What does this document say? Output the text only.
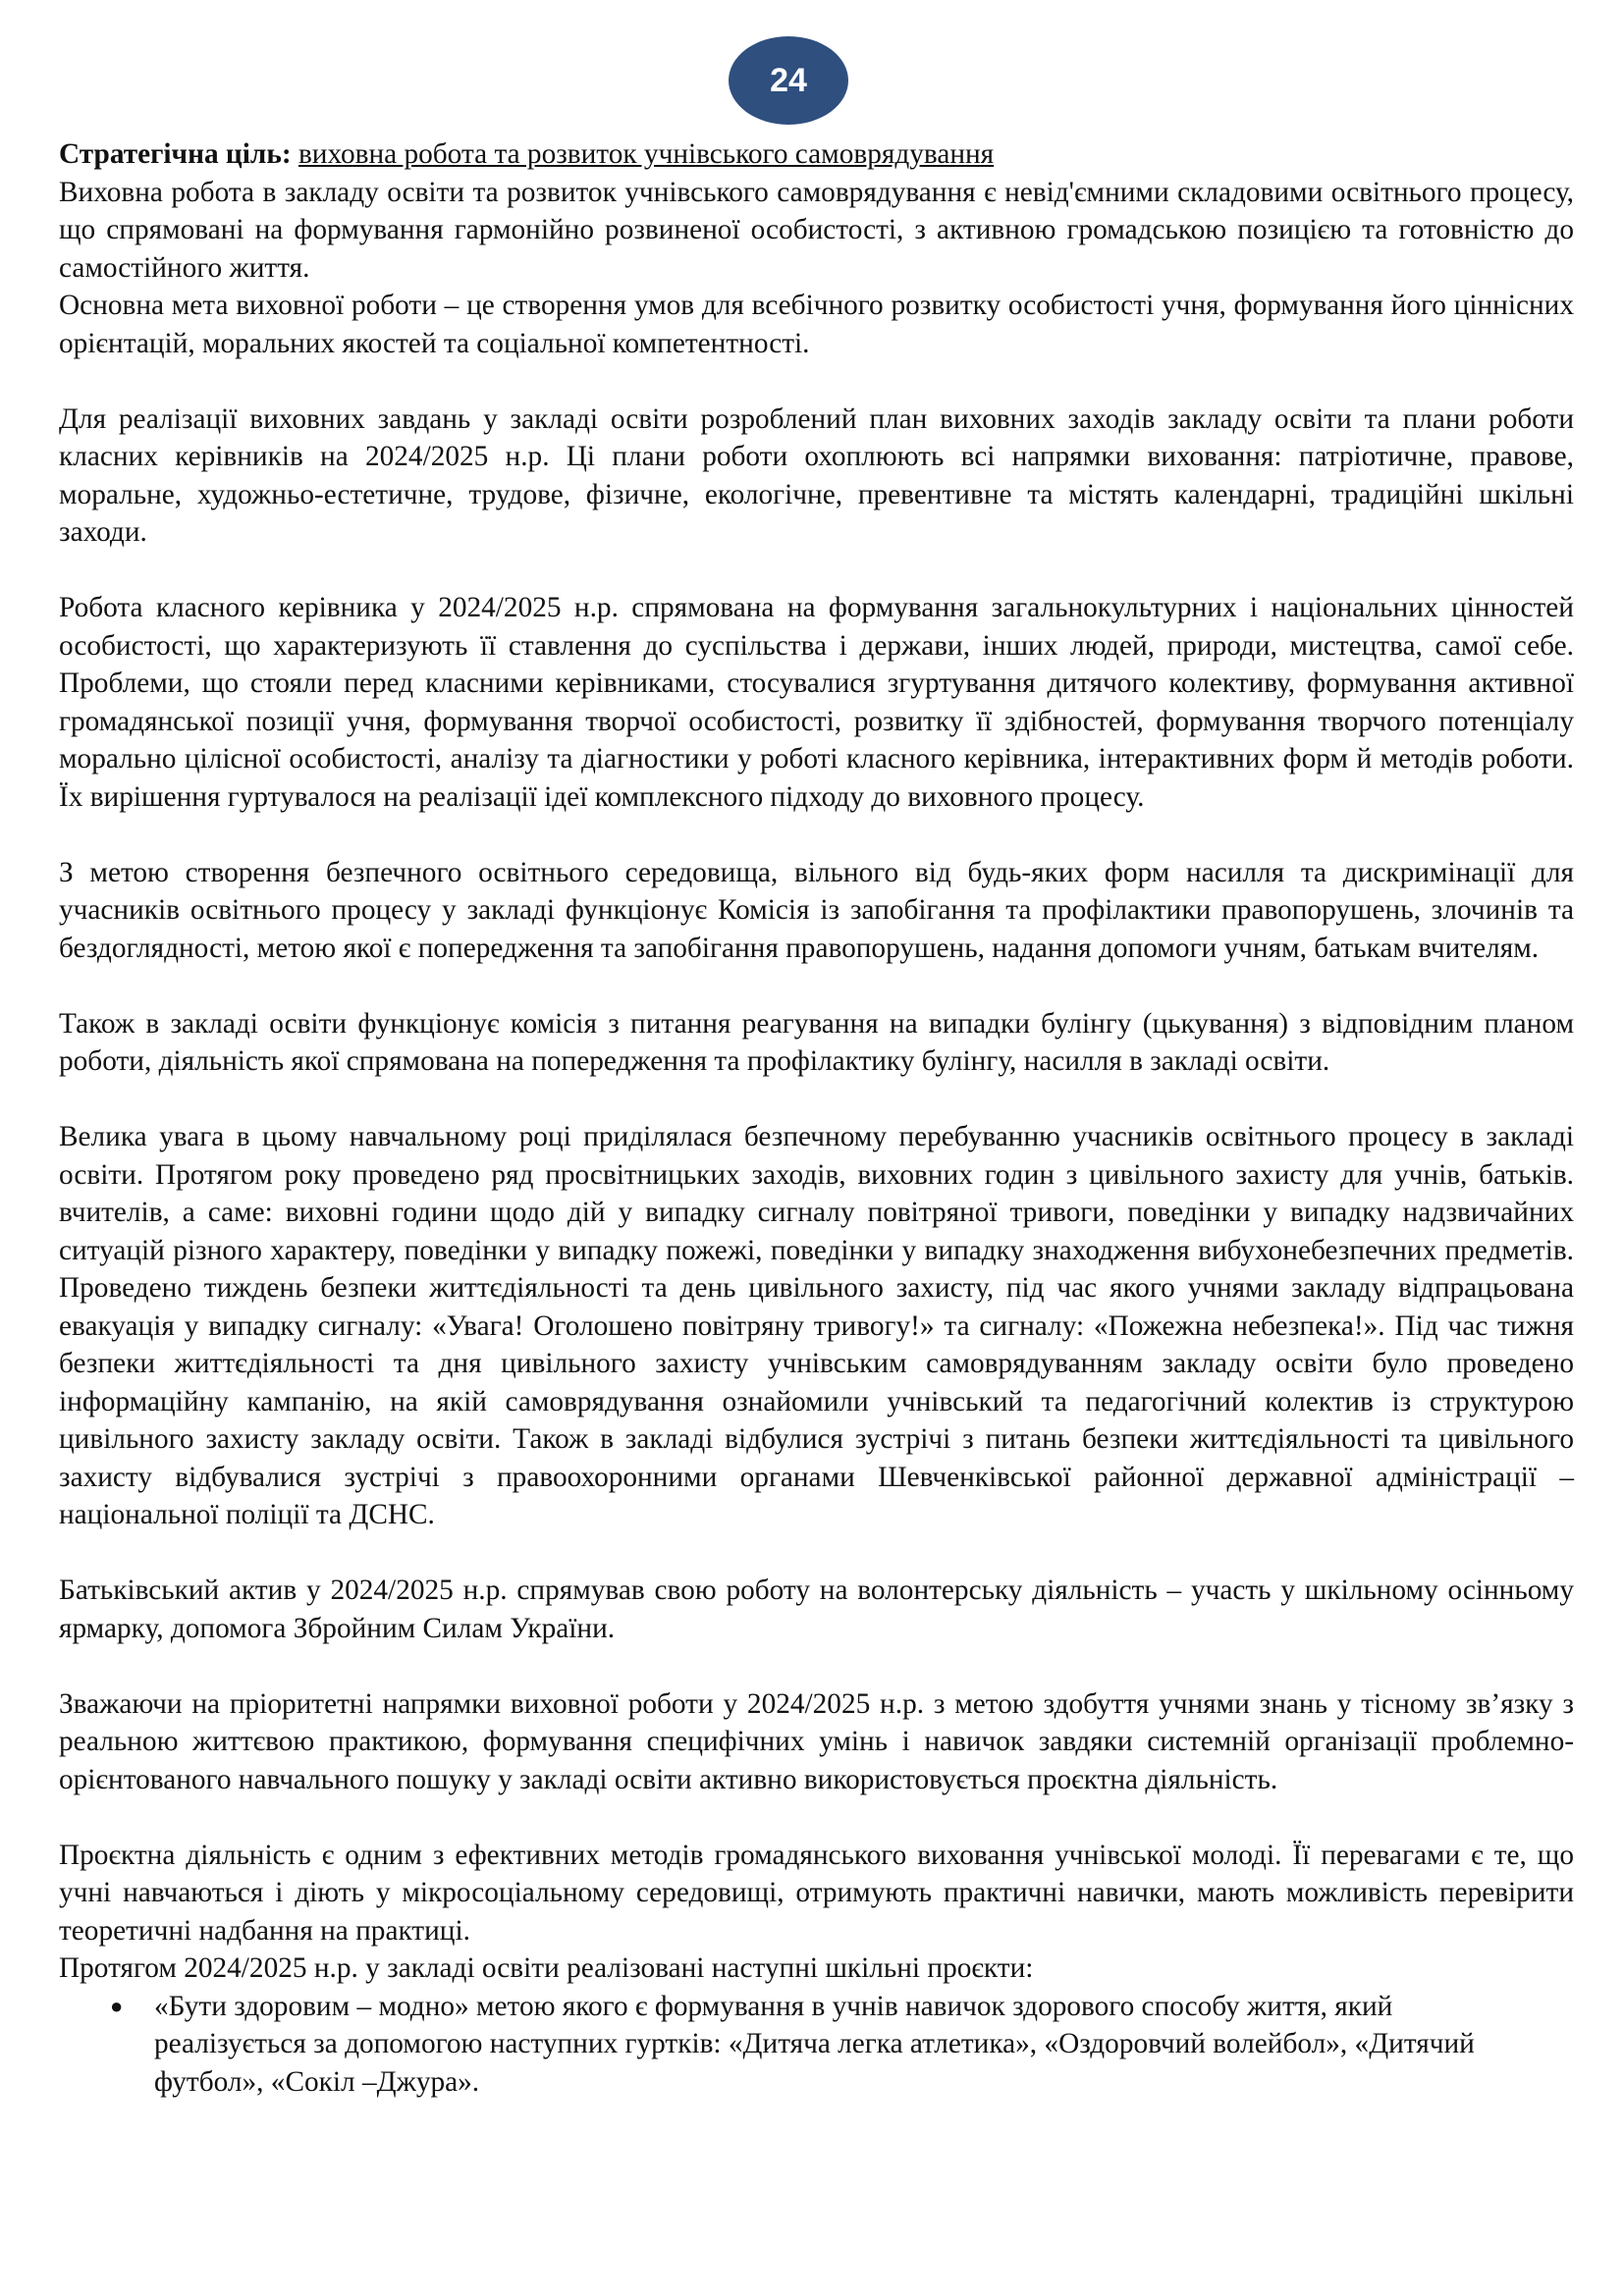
24

Стратегічна ціль: виховна робота та розвиток учнівського самоврядування

Виховна робота в закладу освіти та розвиток учнівського самоврядування є невід'ємними складовими освітнього процесу, що спрямовані на формування гармонійно розвиненої особистості, з активною громадською позицією та готовністю до самостійного життя.

Основна мета виховної роботи – це створення умов для всебічного розвитку особистості учня, формування його ціннісних орієнтацій, моральних якостей та соціальної компетентності.

Для реалізації виховних завдань у закладі освіти розроблений план виховних заходів закладу освіти та плани роботи класних керівників на 2024/2025 н.р. Ці плани роботи охоплюють всі напрямки виховання: патріотичне, правове, моральне, художньо-естетичне, трудове, фізичне, екологічне, превентивне та містять календарні, традиційні шкільні заходи.

Робота класного керівника у 2024/2025 н.р. спрямована на формування загальнокультурних і національних цінностей особистості, що характеризують її ставлення до суспільства і держави, інших людей, природи, мистецтва, самої себе. Проблеми, що стояли перед класними керівниками, стосувалися згуртування дитячого колективу, формування активної громадянської позиції учня, формування творчої особистості, розвитку її здібностей, формування творчого потенціалу морально цілісної особистості, аналізу та діагностики у роботі класного керівника, інтерактивних форм й методів роботи. Їх вирішення гуртувалося на реалізації ідеї комплексного підходу до виховного процесу.

З метою створення безпечного освітнього середовища, вільного від будь-яких форм насилля та дискримінації для учасників освітнього процесу у закладі функціонує Комісія із запобігання та профілактики правопорушень, злочинів та бездоглядності, метою якої є попередження та запобігання правопорушень, надання допомоги учням, батькам вчителям.

Також в закладі освіти функціонує комісія з питання реагування на випадки булінгу (цькування) з відповідним планом роботи, діяльність якої спрямована на попередження та профілактику булінгу, насилля в закладі освіти.

Велика увага в цьому навчальному році приділялася безпечному перебуванню учасників освітнього процесу в закладі освіти. Протягом року проведено ряд просвітницьких заходів, виховних годин з цивільного захисту для учнів, батьків. вчителів, а саме: виховні години щодо дій у випадку сигналу повітряної тривоги, поведінки у випадку надзвичайних ситуацій різного характеру, поведінки у випадку пожежі, поведінки у випадку знаходження вибухонебезпечних предметів. Проведено тиждень безпеки життєдіяльності та день цивільного захисту, під час якого учнями закладу відпрацьована евакуація у випадку сигналу: «Увага! Оголошено повітряну тривогу!» та сигналу: «Пожежна небезпека!». Під час тижня безпеки життєдіяльності та дня цивільного захисту учнівським самоврядуванням закладу освіти було проведено інформаційну кампанію, на якій самоврядування ознайомили учнівський та педагогічний колектив із структурою цивільного захисту закладу освіти. Також в закладі відбулися зустрічі з питань безпеки життєдіяльності та цивільного захисту відбувалися зустрічі з правоохоронними органами Шевченківської районної державної адміністрації – національної поліції та ДСНС.

Батьківський актив у 2024/2025 н.р. спрямував свою роботу на волонтерську діяльність – участь у шкільному осінньому ярмарку, допомога Збройним Силам України.

Зважаючи на пріоритетні напрямки виховної роботи у 2024/2025 н.р. з метою здобуття учнями знань у тісному зв’язку з реальною життєвою практикою, формування специфічних умінь і навичок завдяки системній організації проблемно-орієнтованого навчального пошуку у закладі освіти активно використовується проєктна діяльність.

Проєктна діяльність є одним з ефективних методів громадянського виховання учнівської молоді. Її перевагами є те, що учні навчаються і діють у мікросоціальному середовищі, отримують практичні навички, мають можливість перевірити теоретичні надбання на практиці.

Протягом 2024/2025 н.р. у закладі освіти реалізовані наступні шкільні проєкти:

● «Бути здоровим – модно» метою якого є формування в учнів навичок здорового способу життя, який реалізується за допомогою наступних гуртків: «Дитяча легка атлетика», «Оздоровчий волейбол», «Дитячий футбол», «Сокіл –Джура».
